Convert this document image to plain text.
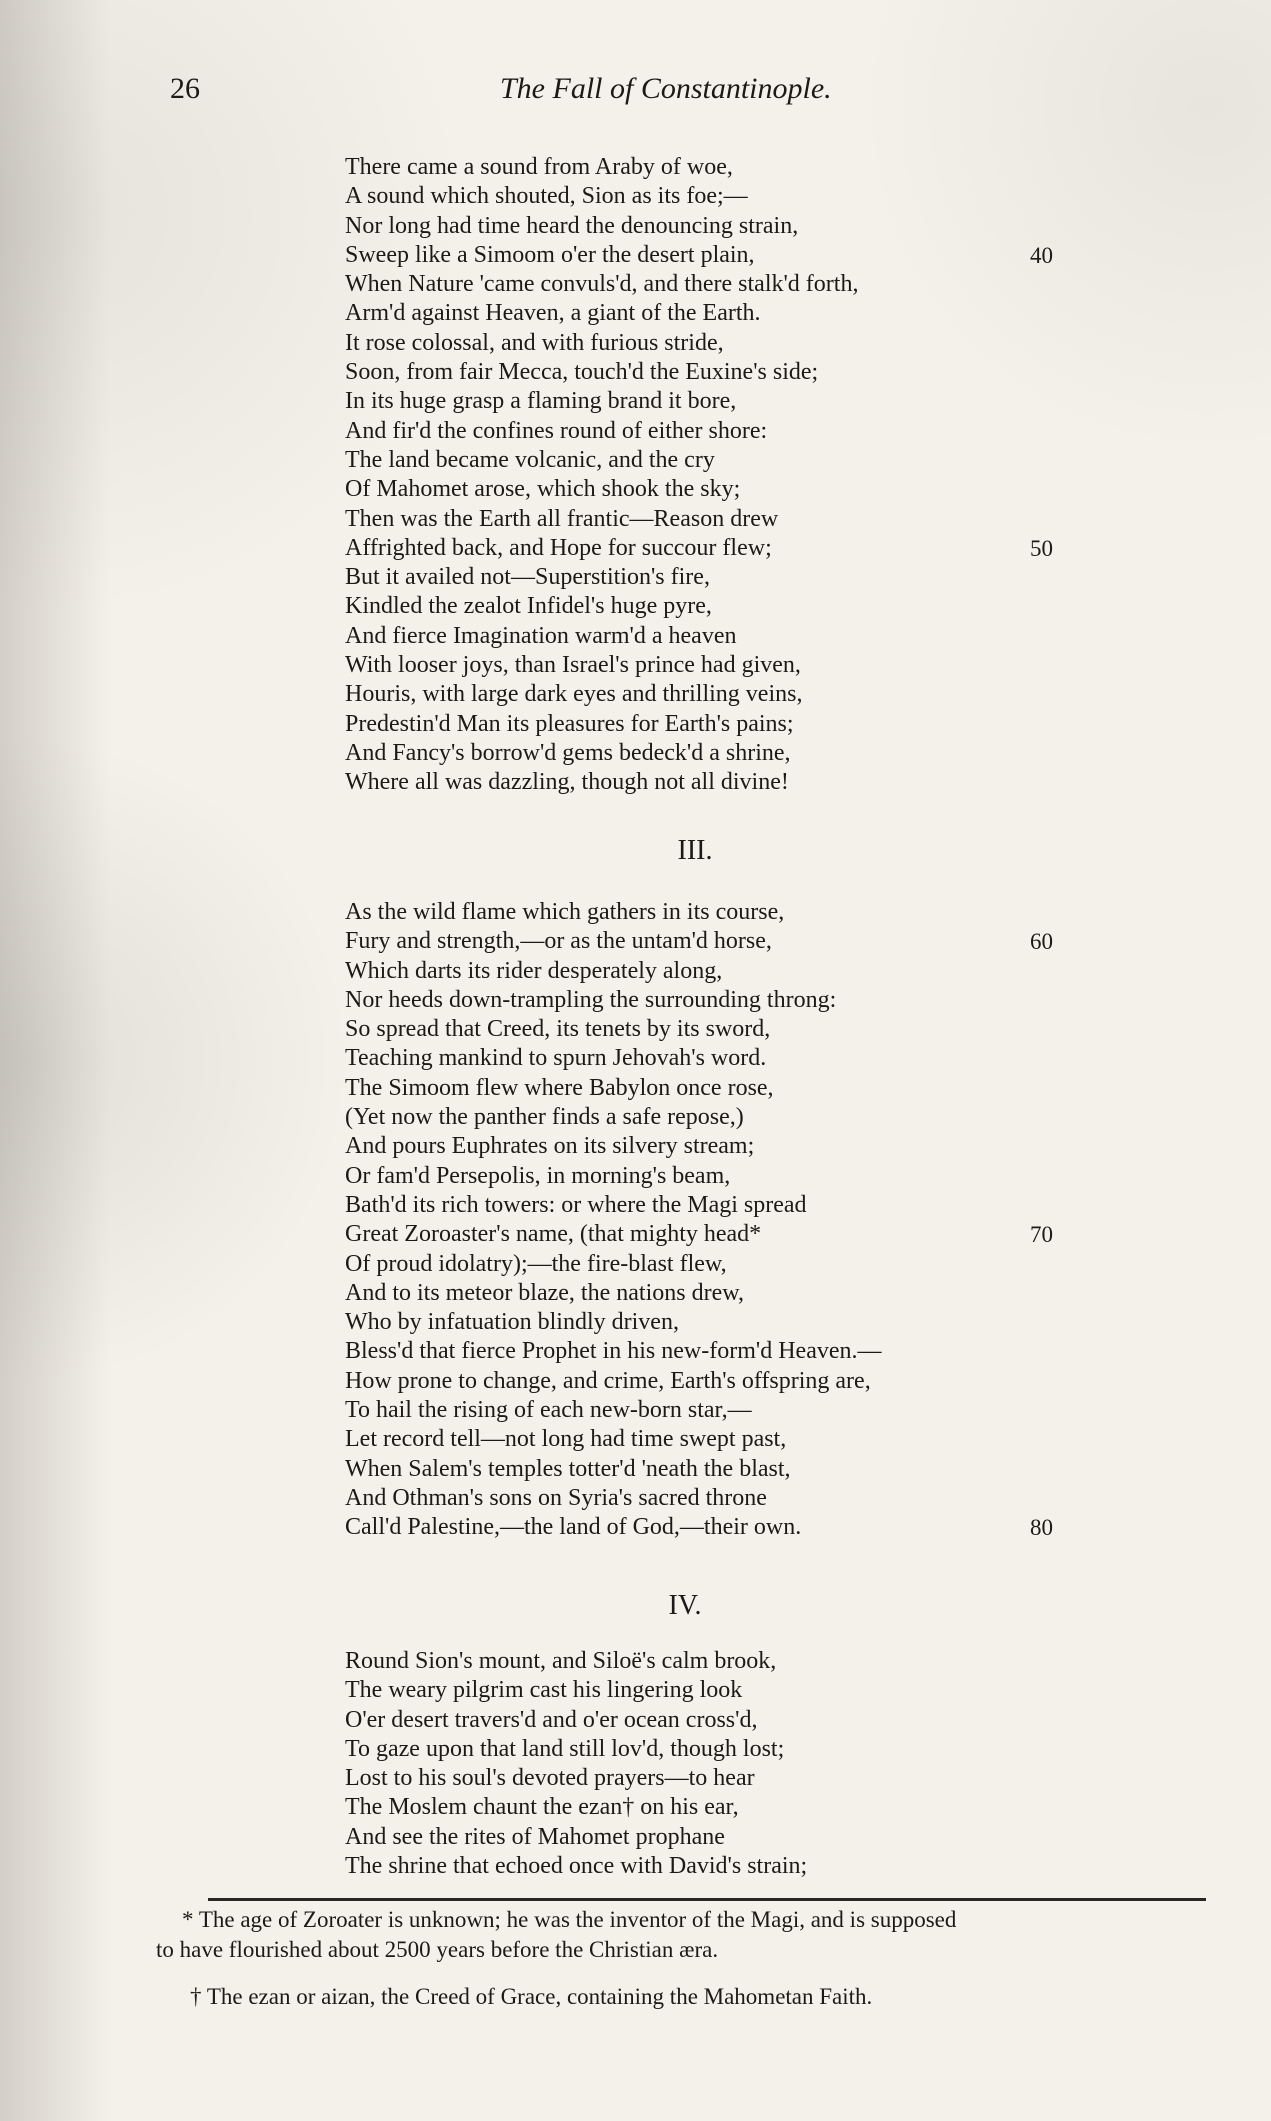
26	The Fall of Constantinople.
There came a sound from Araby of woe,
A sound which shouted, Sion as its foe;—
Nor long had time heard the denouncing strain,
Sweep like a Simoom o'er the desert plain,	40
When Nature 'came convuls'd, and there stalk'd forth,
Arm'd against Heaven, a giant of the Earth.
It rose colossal, and with furious stride,
Soon, from fair Mecca, touch'd the Euxine's side;
In its huge grasp a flaming brand it bore,
And fir'd the confines round of either shore:
The land became volcanic, and the cry
Of Mahomet arose, which shook the sky;
Then was the Earth all frantic—Reason drew
Affrighted back, and Hope for succour flew;	50
But it availed not—Superstition's fire,
Kindled the zealot Infidel's huge pyre,
And fierce Imagination warm'd a heaven
With looser joys, than Israel's prince had given,
Houris, with large dark eyes and thrilling veins,
Predestin'd Man its pleasures for Earth's pains;
And Fancy's borrow'd gems bedeck'd a shrine,
Where all was dazzling, though not all divine!
III.
As the wild flame which gathers in its course,
Fury and strength,—or as the untam'd horse,	60
Which darts its rider desperately along,
Nor heeds down-trampling the surrounding throng:
So spread that Creed, its tenets by its sword,
Teaching mankind to spurn Jehovah's word.
The Simoom flew where Babylon once rose,
(Yet now the panther finds a safe repose,)
And pours Euphrates on its silvery stream;
Or fam'd Persepolis, in morning's beam,
Bath'd its rich towers: or where the Magi spread
Great Zoroaster's name, (that mighty head*	70
Of proud idolatry);—the fire-blast flew,
And to its meteor blaze, the nations drew,
Who by infatuation blindly driven,
Bless'd that fierce Prophet in his new-form'd Heaven.—
How prone to change, and crime, Earth's offspring are,
To hail the rising of each new-born star,—
Let record tell—not long had time swept past,
When Salem's temples totter'd 'neath the blast,
And Othman's sons on Syria's sacred throne
Call'd Palestine,—the land of God,—their own.	80
IV.
Round Sion's mount, and Siloë's calm brook,
The weary pilgrim cast his lingering look
O'er desert travers'd and o'er ocean cross'd,
To gaze upon that land still lov'd, though lost;
Lost to his soul's devoted prayers—to hear
The Moslem chaunt the ezan† on his ear,
And see the rites of Mahomet prophane
The shrine that echoed once with David's strain;
* The age of Zoroater is unknown; he was the inventor of the Magi, and is supposed
to have flourished about 2500 years before the Christian æra.
† The ezan or aizan, the Creed of Grace, containing the Mahometan Faith.
